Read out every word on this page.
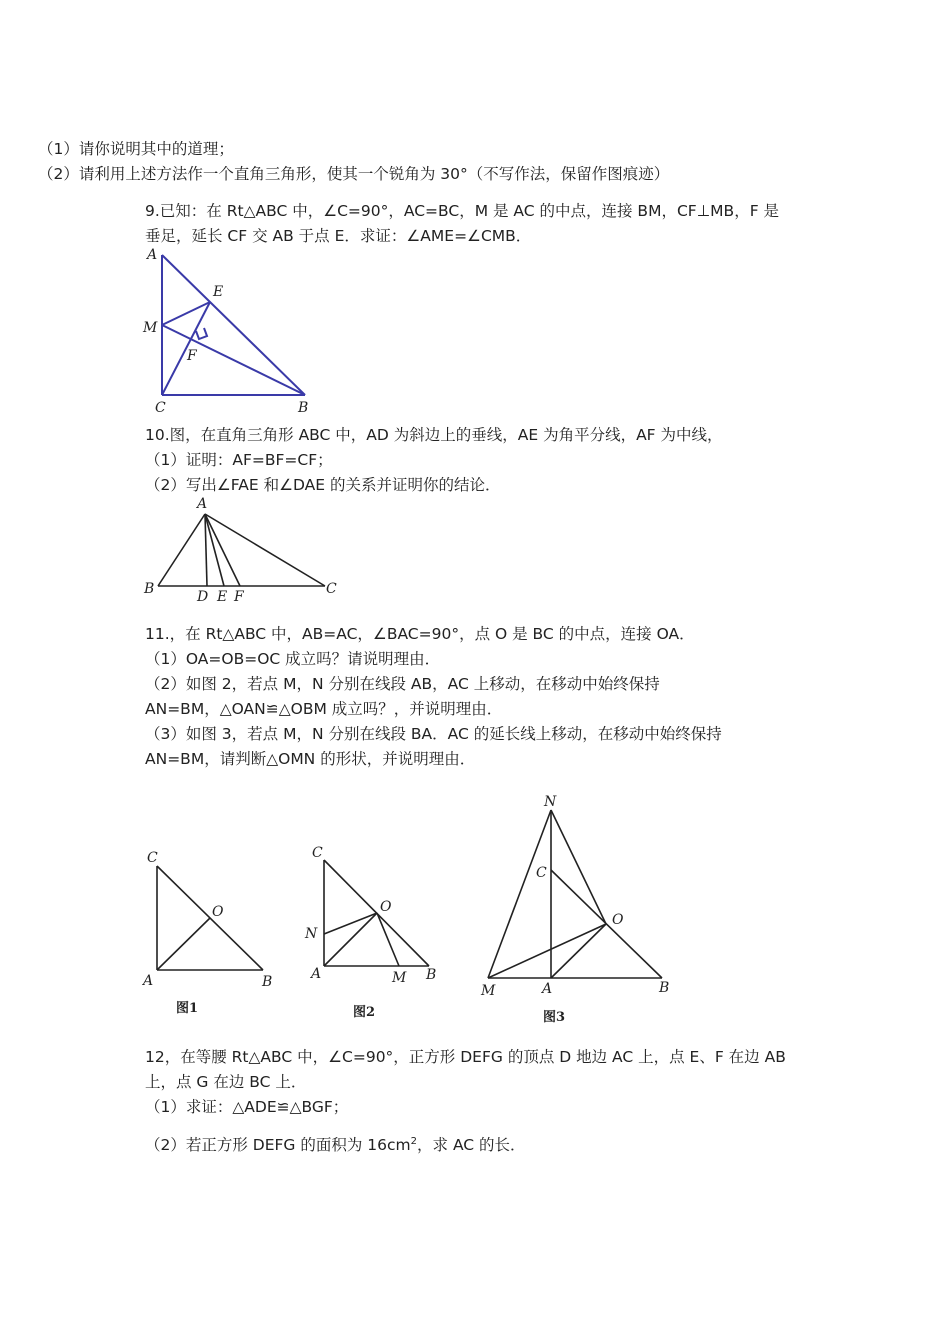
（1）请你说明其中的道理；
（2）请利用上述方法作一个直角三角形，使其一个锐角为 30°（不写作法，保留作图痕迹）
9.已知：在 Rt△ABC 中，∠C=90°，AC=BC，M 是 AC 的中点，连接 BM，CF⊥MB，F 是
垂足，延长 CF 交 AB 于点 E．求证：∠AME=∠CMB．
A
E
M
F
C	B
10.图，在直角三角形 ABC 中，AD 为斜边上的垂线，AE 为角平分线，AF 为中线，
（1）证明：AF=BF=CF；
（2）写出∠FAE 和∠DAE 的关系并证明你的结论．
A
B	D E F	C
11.，在 Rt△ABC 中，AB=AC，∠BAC=90°，点 O 是 BC 的中点，连接 OA．
（1）OA=OB=OC 成立吗？请说明理由．
（2）如图 2，若点 M，N 分别在线段 AB，AC 上移动，在移动中始终保持
AN=BM，△OAN≌△OBM 成立吗？，并说明理由．
（3）如图 3，若点 M，N 分别在线段 BA．AC 的延长线上移动，在移动中始终保持
AN=BM，请判断△OMN 的形状，并说明理由．
C
O
A	B
图1
C
O
N
A	M B
图2
N
C
O
M	A	B
图3
12，在等腰 Rt△ABC 中，∠C=90°，正方形 DEFG 的顶点 D 地边 AC 上，点 E、F 在边 AB
上，点 G 在边 BC 上．
（1）求证：△ADE≌△BGF；
（2）若正方形 DEFG 的面积为 $16cm^2$，求 AC 的长．
